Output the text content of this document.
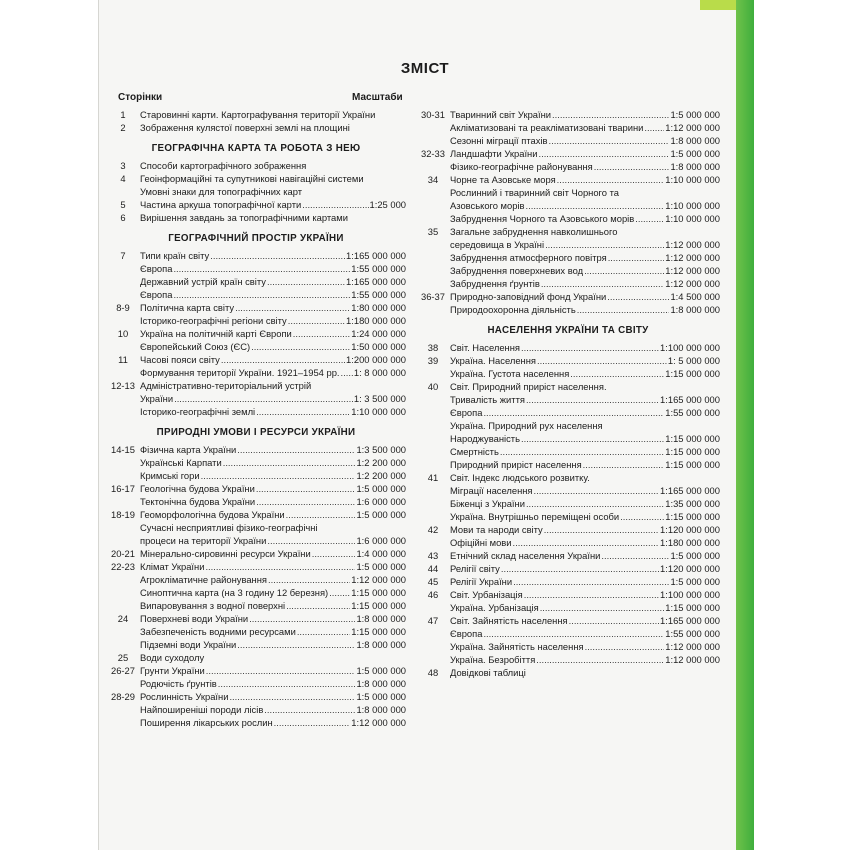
ЗМІСТ
Сторінки	Масштаби
1	Старовинні карти. Картографування території України
2	Зображення кулястої поверхні землі на площині
ГЕОГРАФІЧНА КАРТА ТА РОБОТА З НЕЮ
3	Способи картографічного зображення
4	Геоінформаційні та супутникові навігаційні системи
Умовні знаки для топографічних карт
5	Частина аркуша топографічної карти .....	1:25 000
6	Вирішення завдань за топографічними картами
ГЕОГРАФІЧНИЙ ПРОСТІР УКРАЇНИ
7	Типи країн світу .....	1:165 000 000
Європа .....	1:55 000 000
Державний устрій країн світу .....	1:165 000 000
Європа .....	1:55 000 000
8-9	Політична карта світу .....	1:80 000 000
Історико-географічні регіони світу .....	1:180 000 000
10	Україна на політичній карті Європи .....	1:24 000 000
Європейський Союз (ЄС) .....	1:50 000 000
11	Часові пояси світу .....	1:200 000 000
Формування території України. 1921–1954 рр. ..... 1: 8 000 000
12-13 Адміністративно-територіальний устрій
України .....	1: 3 500 000
Історико-географічні землі .....	1:10 000 000
ПРИРОДНІ УМОВИ І РЕСУРСИ УКРАЇНИ
14-15 Фізична карта України .....	1:3 500 000
Українські Карпати .....	1:2 200 000
Кримські гори .....	1:2 200 000
16-17 Геологічна будова України .....	1:5 000 000
Тектонічна будова України .....	1:6 000 000
18-19 Геоморфологічна будова України .....	1:5 000 000
Сучасні несприятливі фізико-географічні
процеси на території України .....	1:6 000 000
20-21 Мінерально-сировинні ресурси України .....	1:4 000 000
22-23 Клімат України .....	1:5 000 000
Агрокліматичне районування .....	1:12 000 000
Синоптична карта (на 3 годину 12 березня) ..... 1:15 000 000
Випаровування з водної поверхні .....	1:15 000 000
24	Поверхневі води України .....	1:8 000 000
Забезпеченість водними ресурсами .....	1:15 000 000
Підземні води України .....	1:8 000 000
25	Води суходолу
26-27 Грунти України .....	1:5 000 000
Родючість ґрунтів .....	1:8 000 000
28-29 Рослинність України .....	1:5 000 000
Найпоширеніші породи лісів .....	1:8 000 000
Поширення лікарських рослин .....	1:12 000 000
30-31 Тваринний світ України .....	1:5 000 000
Акліматизовані та реакліматизовані тварини ..... 1:12 000 000
Сезонні міграції птахів .....	1:8 000 000
32-33 Ландшафти України .....	1:5 000 000
Фізико-географічне районування .....	1:8 000 000
34	Чорне та Азовське моря .....	1:10 000 000
Рослинний і тваринний світ Чорного та
Азовського морів .....	1:10 000 000
Забруднення Чорного та Азовського морів .....	1:10 000 000
35	Загальне забруднення навколишнього
середовища в Україні .....	1:12 000 000
Забруднення атмосферного повітря .....	1:12 000 000
Забруднення поверхневих вод .....	1:12 000 000
Забруднення ґрунтів .....	1:12 000 000
36-37 Природно-заповідний фонд України .....	1:4 500 000
Природоохоронна діяльність .....	1:8 000 000
НАСЕЛЕННЯ УКРАЇНИ ТА СВІТУ
38	Світ. Населення .....	1:100 000 000
39	Україна. Населення .....	1: 5 000 000
Україна. Густота населення .....	1:15 000 000
40	Світ. Природний приріст населення.
Тривалість життя .....	1:165 000 000
Європа .....	1:55 000 000
Україна. Природний рух населення
Народжуваність .....	1:15 000 000
Смертність .....	1:15 000 000
Природний приріст населення .....	1:15 000 000
41	Світ. Індекс людського розвитку.
Міграції населення .....	1:165 000 000
Біженці з України .....	1:35 000 000
Україна. Внутрішньо переміщені особи .....	1:15 000 000
42	Мови та народи світу .....	1:120 000 000
Офіційні мови .....	1:180 000 000
43	Етнічний склад населення України .....	1:5 000 000
44	Релігії світу .....	1:120 000 000
45	Релігії України .....	1:5 000 000
46	Світ. Урбанізація .....	1:100 000 000
Україна. Урбанізація .....	1:15 000 000
47	Світ. Зайнятість населення .....	1:165 000 000
Європа .....	1:55 000 000
Україна. Зайнятість населення .....	1:12 000 000
Україна. Безробіття .....	1:12 000 000
48	Довідкові таблиці
